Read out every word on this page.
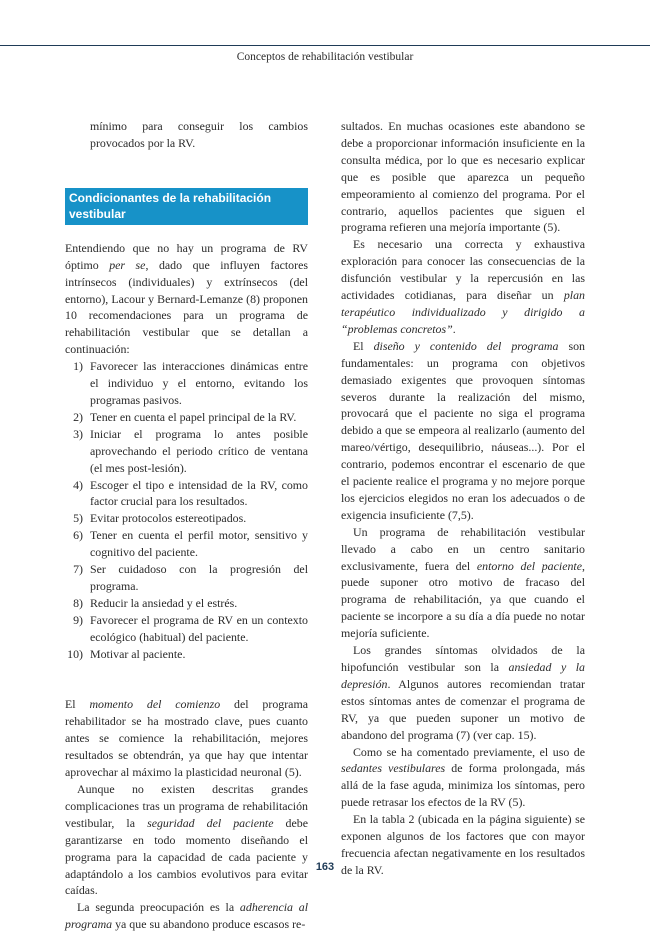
Conceptos de rehabilitación vestibular

mínimo para conseguir los cambios provocados por la RV.

Condicionantes de la rehabilitación vestibular

Entendiendo que no hay un programa de RV óptimo per se, dado que influyen factores intrínsecos (individuales) y extrínsecos (del entorno), Lacour y Bernard-Lemanze (8) proponen 10 recomendaciones para un programa de rehabilitación vestibular que se detallan a continuación:

1) Favorecer las interacciones dinámicas entre el individuo y el entorno, evitando los programas pasivos.
2) Tener en cuenta el papel principal de la RV.
3) Iniciar el programa lo antes posible aprovechando el periodo crítico de ventana (el mes post-lesión).
4) Escoger el tipo e intensidad de la RV, como factor crucial para los resultados.
5) Evitar protocolos estereotipados.
6) Tener en cuenta el perfil motor, sensitivo y cognitivo del paciente.
7) Ser cuidadoso con la progresión del programa.
8) Reducir la ansiedad y el estrés.
9) Favorecer el programa de RV en un contexto ecológico (habitual) del paciente.
10) Motivar al paciente.

El momento del comienzo del programa rehabilitador se ha mostrado clave, pues cuanto antes se comience la rehabilitación, mejores resultados se obtendrán, ya que hay que intentar aprovechar al máximo la plasticidad neuronal (5).

Aunque no existen descritas grandes complicaciones tras un programa de rehabilitación vestibular, la seguridad del paciente debe garantizarse en todo momento diseñando el programa para la capacidad de cada paciente y adaptándolo a los cambios evolutivos para evitar caídas.

La segunda preocupación es la adherencia al programa ya que su abandono produce escasos re-

sultados. En muchas ocasiones este abandono se debe a proporcionar información insuficiente en la consulta médica, por lo que es necesario explicar que es posible que aparezca un pequeño empeoramiento al comienzo del programa. Por el contrario, aquellos pacientes que siguen el programa refieren una mejoría importante (5).

Es necesario una correcta y exhaustiva exploración para conocer las consecuencias de la disfunción vestibular y la repercusión en las actividades cotidianas, para diseñar un plan terapéutico individualizado y dirigido a “problemas concretos”.

El diseño y contenido del programa son fundamentales: un programa con objetivos demasiado exigentes que provoquen síntomas severos durante la realización del mismo, provocará que el paciente no siga el programa debido a que se empeora al realizarlo (aumento del mareo/vértigo, desequilibrio, náuseas...). Por el contrario, podemos encontrar el escenario de que el paciente realice el programa y no mejore porque los ejercicios elegidos no eran los adecuados o de exigencia insuficiente (7,5).

Un programa de rehabilitación vestibular llevado a cabo en un centro sanitario exclusivamente, fuera del entorno del paciente, puede suponer otro motivo de fracaso del programa de rehabilitación, ya que cuando el paciente se incorpore a su día a día puede no notar mejoría suficiente.

Los grandes síntomas olvidados de la hipofunción vestibular son la ansiedad y la depresión. Algunos autores recomiendan tratar estos síntomas antes de comenzar el programa de RV, ya que pueden suponer un motivo de abandono del programa (7) (ver cap. 15).

Como se ha comentado previamente, el uso de sedantes vestibulares de forma prolongada, más allá de la fase aguda, minimiza los síntomas, pero puede retrasar los efectos de la RV (5).

En la tabla 2 (ubicada en la página siguiente) se exponen algunos de los factores que con mayor frecuencia afectan negativamente en los resultados de la RV.

163
